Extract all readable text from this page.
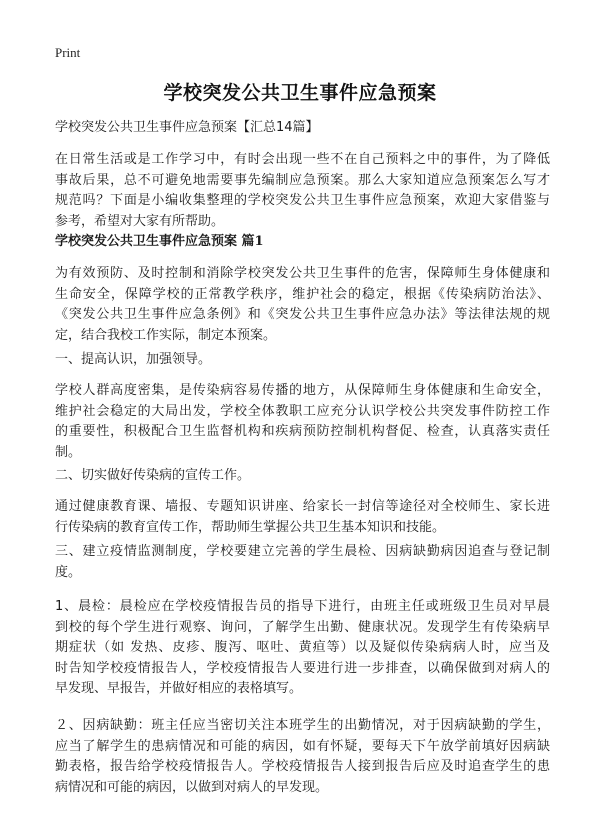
Print
学校突发公共卫生事件应急预案
学校突发公共卫生事件应急预案【汇总14篇】
在日常生活或是工作学习中，有时会出现一些不在自己预料之中的事件，为了降低
事故后果，总不可避免地需要事先编制应急预案。那么大家知道应急预案怎么写才
规范吗？下面是小编收集整理的学校突发公共卫生事件应急预案，欢迎大家借鉴与
参考，希望对大家有所帮助。
学校突发公共卫生事件应急预案 篇1
为有效预防、及时控制和消除学校突发公共卫生事件的危害，保障师生身体健康和
生命安全，保障学校的正常教学秩序，维护社会的稳定，根据《传染病防治法》、
《突发公共卫生事件应急条例》和《突发公共卫生事件应急办法》等法律法规的规
定，结合我校工作实际，制定本预案。
一、提高认识，加强领导。
学校人群高度密集，是传染病容易传播的地方，从保障师生身体健康和生命安全，
维护社会稳定的大局出发，学校全体教职工应充分认识学校公共突发事件防控工作
的重要性，积极配合卫生监督机构和疾病预防控制机构督促、检查，认真落实责任
制。
二、切实做好传染病的宣传工作。
通过健康教育课、墙报、专题知识讲座、给家长一封信等途径对全校师生、家长进
行传染病的教育宣传工作，帮助师生掌握公共卫生基本知识和技能。
三、建立疫情监测制度，学校要建立完善的学生晨检、因病缺勤病因追查与登记制
度。
1、晨检：晨检应在学校疫情报告员的指导下进行，由班主任或班级卫生员对早晨
到校的每个学生进行观察、询问，了解学生出勤、健康状况。发现学生有传染病早
期症状（如 发热、皮疹、腹泻、呕吐、黄疸等）以及疑似传染病病人时，应当及
时告知学校疫情报告人，学校疫情报告人要进行进一步排查，以确保做到对病人的
早发现、早报告，并做好相应的表格填写。
２、因病缺勤：班主任应当密切关注本班学生的出勤情况，对于因病缺勤的学生，
应当了解学生的患病情况和可能的病因，如有怀疑，要每天下午放学前填好因病缺
勤表格，报告给学校疫情报告人。学校疫情报告人接到报告后应及时追查学生的患
病情况和可能的病因，以做到对病人的早发现。
